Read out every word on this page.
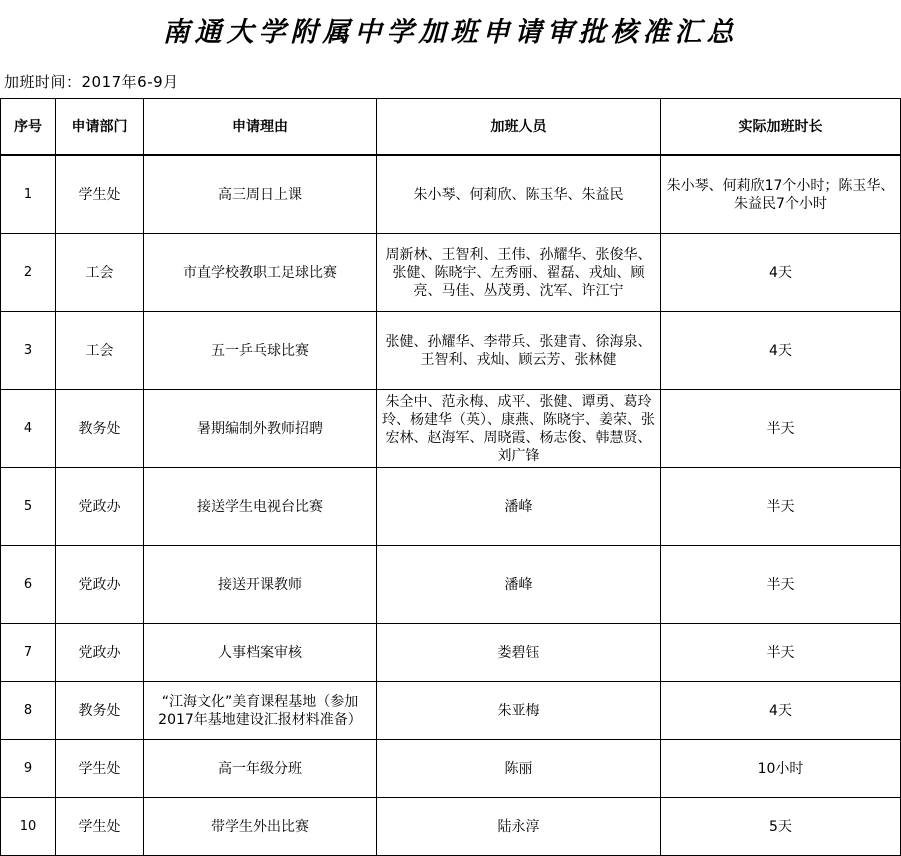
南通大学附属中学加班申请审批核准汇总
加班时间：2017年6-9月
序号	申请部门	申请理由	加班人员	实际加班时长
1	学生处	高三周日上课	朱小琴、何莉欣、陈玉华、朱益民	朱小琴、何莉欣17个小时；陈玉华、朱益民7个小时
2	工会	市直学校教职工足球比赛	周新林、王智利、王伟、孙耀华、张俊华、张健、陈晓宇、左秀丽、翟磊、戎灿、顾亮、马佳、丛茂勇、沈军、许江宁	4天
3	工会	五一乒乓球比赛	张健、孙耀华、李带兵、张建青、徐海泉、王智利、戎灿、顾云芳、张林健	4天
4	教务处	暑期编制外教师招聘	朱全中、范永梅、成平、张健、谭勇、葛玲玲、杨建华（英）、康燕、陈晓宇、姜荣、张宏林、赵海军、周晓霞、杨志俊、韩慧贤、刘广锋	半天
5	党政办	接送学生电视台比赛	潘峰	半天
6	党政办	接送开课教师	潘峰	半天
7	党政办	人事档案审核	娄碧钰	半天
8	教务处	“江海文化”美育课程基地（参加2017年基地建设汇报材料准备）	朱亚梅	4天
9	学生处	高一年级分班	陈丽	10小时
10	学生处	带学生外出比赛	陆永淳	5天
